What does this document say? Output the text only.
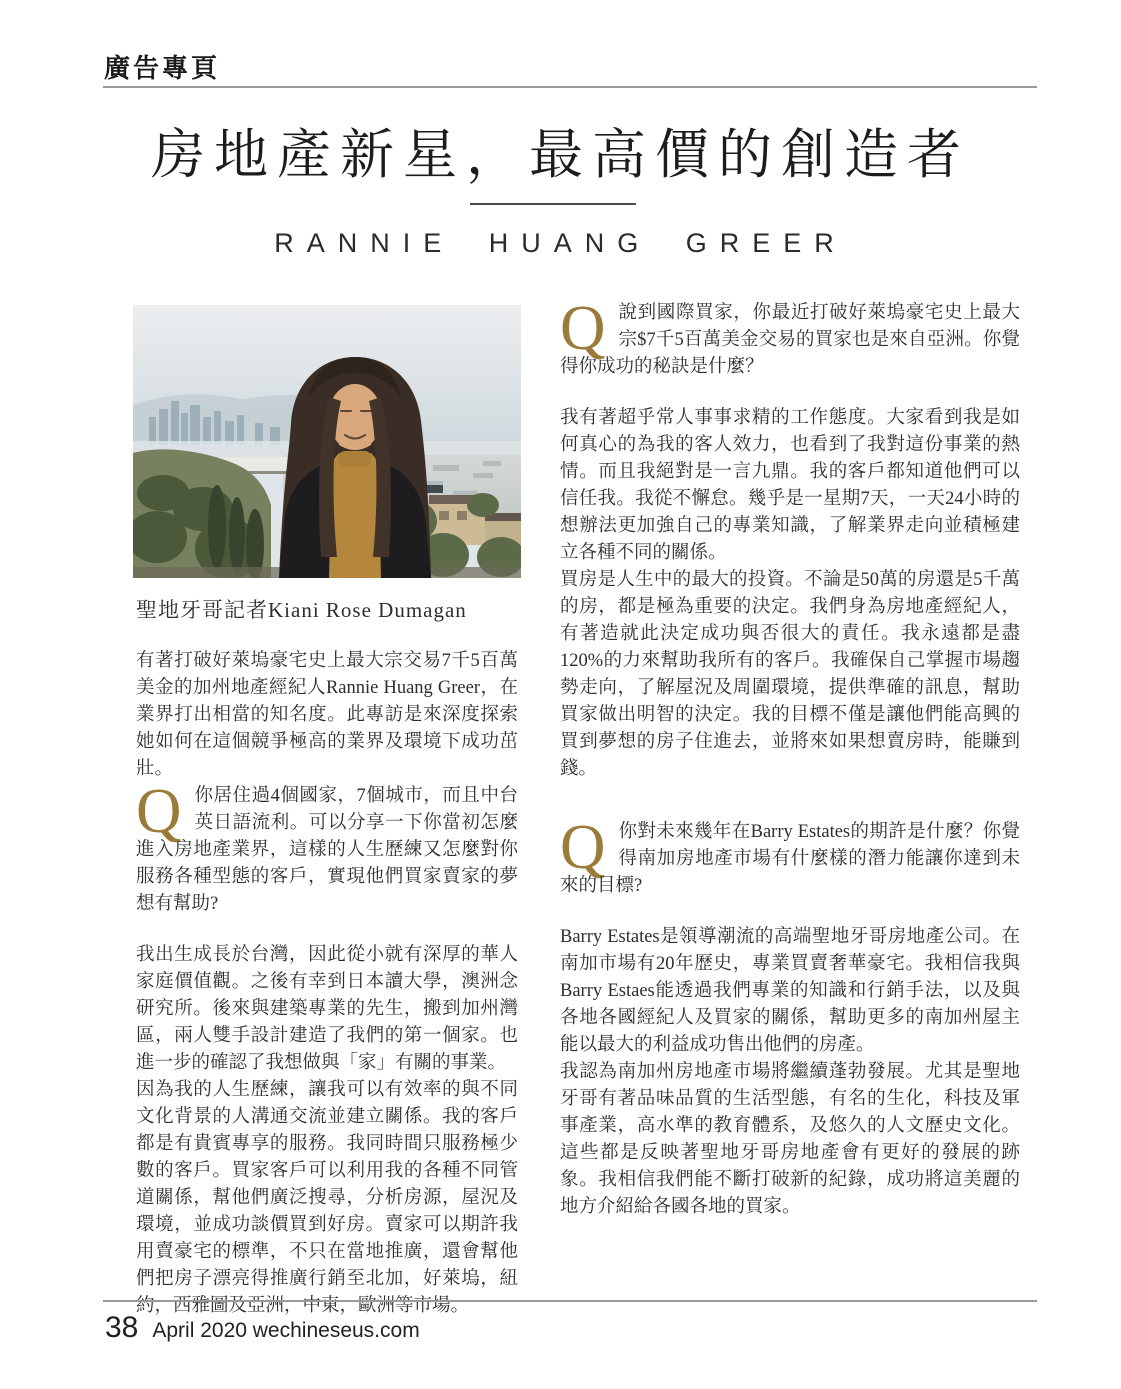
廣告專頁
房地產新星，最高價的創造者
RANNIE HUANG GREER
聖地牙哥記者Kiani Rose Dumagan

有著打破好萊塢豪宅史上最大宗交易7千5百萬美金的加州地產經紀人Rannie Huang Greer，在業界打出相當的知名度。此專訪是來深度探索她如何在這個競爭極高的業界及環境下成功茁壯。

Q你居住過4個國家，7個城市，而且中台英日語流利。可以分享一下你當初怎麼進入房地產業界，這樣的人生歷練又怎麼對你服務各種型態的客戶，實現他們買家賣家的夢想有幫助?

我出生成長於台灣，因此從小就有深厚的華人家庭價值觀。之後有幸到日本讀大學，澳洲念研究所。後來與建築專業的先生，搬到加州灣區，兩人雙手設計建造了我們的第一個家。也進一步的確認了我想做與「家」有關的事業。

因為我的人生歷練，讓我可以有效率的與不同文化背景的人溝通交流並建立關係。我的客戶都是有貴賓專享的服務。我同時間只服務極少數的客戶。買家客戶可以利用我的各種不同管道關係，幫他們廣泛搜尋，分析房源，屋況及環境，並成功談價買到好房。賣家可以期許我用賣豪宅的標準，不只在當地推廣，還會幫他們把房子漂亮得推廣行銷至北加，好萊塢，紐約，西雅圖及亞洲，中東，歐洲等市場。

Q說到國際買家，你最近打破好萊塢豪宅史上最大宗$7千5百萬美金交易的買家也是來自亞洲。你覺得你成功的秘訣是什麼？

我有著超乎常人事事求精的工作態度。大家看到我是如何真心的為我的客人效力，也看到了我對這份事業的熱情。而且我絕對是一言九鼎。我的客戶都知道他們可以信任我。我從不懈怠。幾乎是一星期7天，一天24小時的想辦法更加強自己的專業知識，了解業界走向並積極建立各種不同的關係。

買房是人生中的最大的投資。不論是50萬的房還是5千萬的房，都是極為重要的決定。我們身為房地產經紀人，有著造就此決定成功與否很大的責任。我永遠都是盡120%的力來幫助我所有的客戶。我確保自己掌握市場趨勢走向，了解屋況及周圍環境，提供準確的訊息，幫助買家做出明智的決定。我的目標不僅是讓他們能高興的買到夢想的房子住進去，並將來如果想賣房時，能賺到錢。

Q你對未來幾年在Barry Estates的期許是什麼？你覺得南加房地產市場有什麼樣的潛力能讓你達到未來的目標?

Barry Estates是領導潮流的高端聖地牙哥房地產公司。在南加市場有20年歷史，專業買賣奢華豪宅。我相信我與Barry Estaes能透過我們專業的知識和行銷手法，以及與各地各國經紀人及買家的關係，幫助更多的南加州屋主能以最大的利益成功售出他們的房產。

我認為南加州房地產市場將繼續蓬勃發展。尤其是聖地牙哥有著品味品質的生活型態，有名的生化，科技及軍事產業，高水準的教育體系，及悠久的人文歷史文化。這些都是反映著聖地牙哥房地產會有更好的發展的跡象。我相信我們能不斷打破新的紀錄，成功將這美麗的地方介紹給各國各地的買家。

38 April 2020 wechineseus.com
